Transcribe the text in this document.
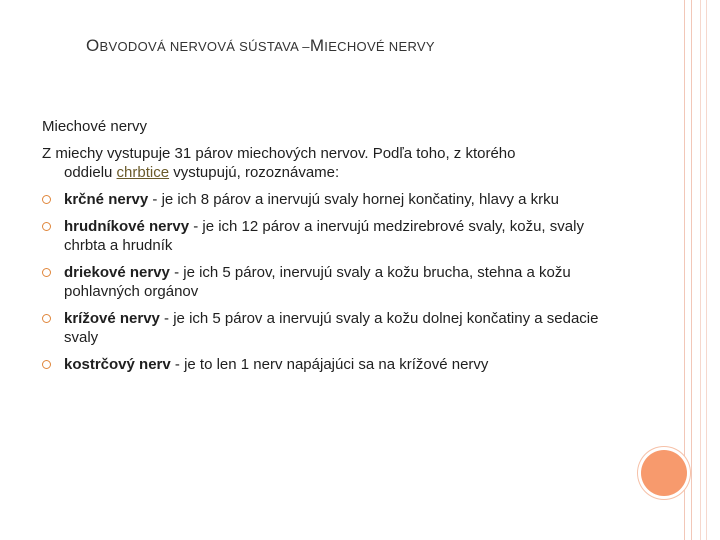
OBVODOVÁ NERVOVÁ SÚSTAVA –MIECHOVÉ NERVY
Miechové nervy
Z miechy vystupuje 31 párov miechových nervov. Podľa toho, z ktorého
oddielu chrbtice vystupujú, rozoznávame:
krčné nervy - je ich 8 párov a inervujú svaly hornej končatiny, hlavy a krku
hrudníkové nervy - je ich 12 párov a inervujú medzirebrové svaly, kožu, svaly chrbta a hrudník
driekové nervy - je ich 5 párov, inervujú svaly a kožu brucha, stehna a kožu pohlavných orgánov
krížové nervy - je ich 5 párov a inervujú svaly a kožu dolnej končatiny a sedacie svaly
kostrčový nerv - je to len 1 nerv napájajúci sa na krížové nervy
